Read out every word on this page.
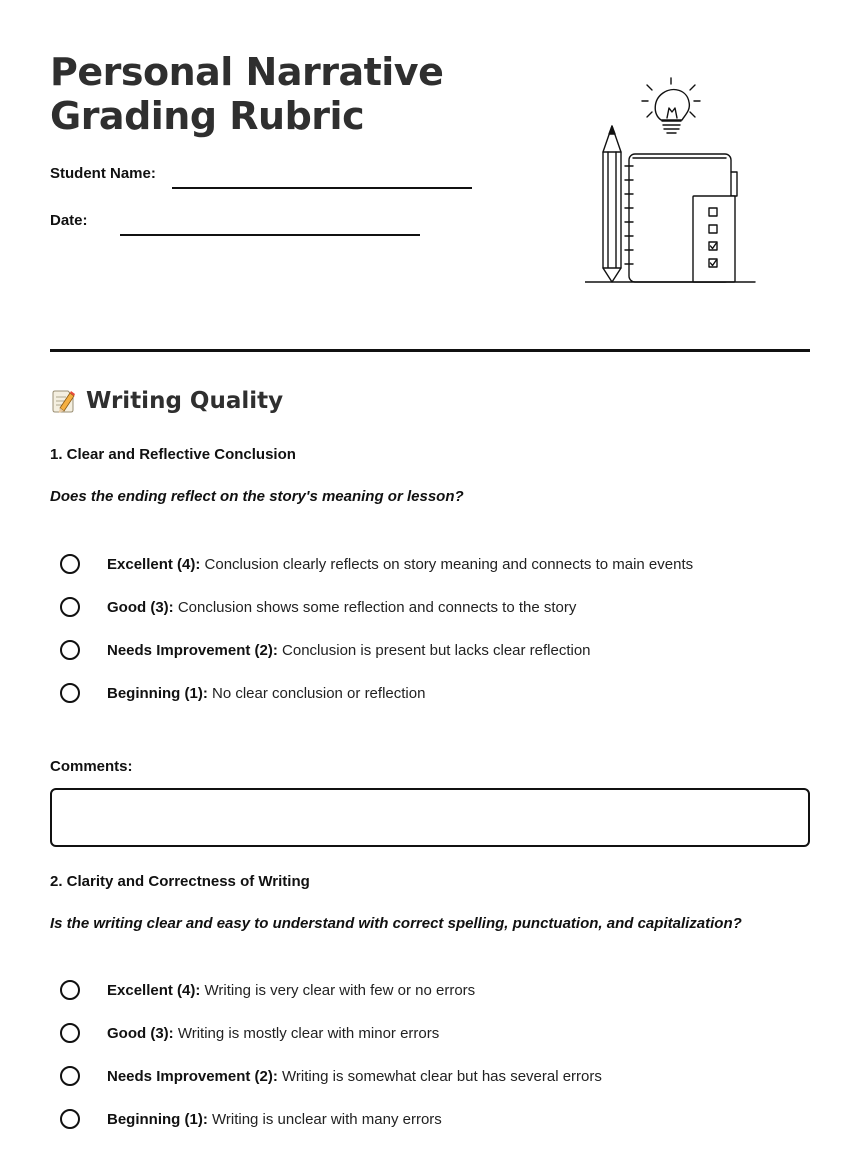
Personal Narrative
Grading Rubric
Student Name:
Date:
Writing Quality

1. Clear and Reflective Conclusion

Does the ending reflect on the story's meaning or lesson?

Excellent (4): Conclusion clearly reflects on story meaning and connects to main events
Good (3): Conclusion shows some reflection and connects to the story
Needs Improvement (2): Conclusion is present but lacks clear reflection
Beginning (1): No clear conclusion or reflection
Comments:

2. Clarity and Correctness of Writing

Is the writing clear and easy to understand with correct spelling, punctuation, and capitalization?

Excellent (4): Writing is very clear with few or no errors
Good (3): Writing is mostly clear with minor errors
Needs Improvement (2): Writing is somewhat clear but has several errors
Beginning (1): Writing is unclear with many errors
